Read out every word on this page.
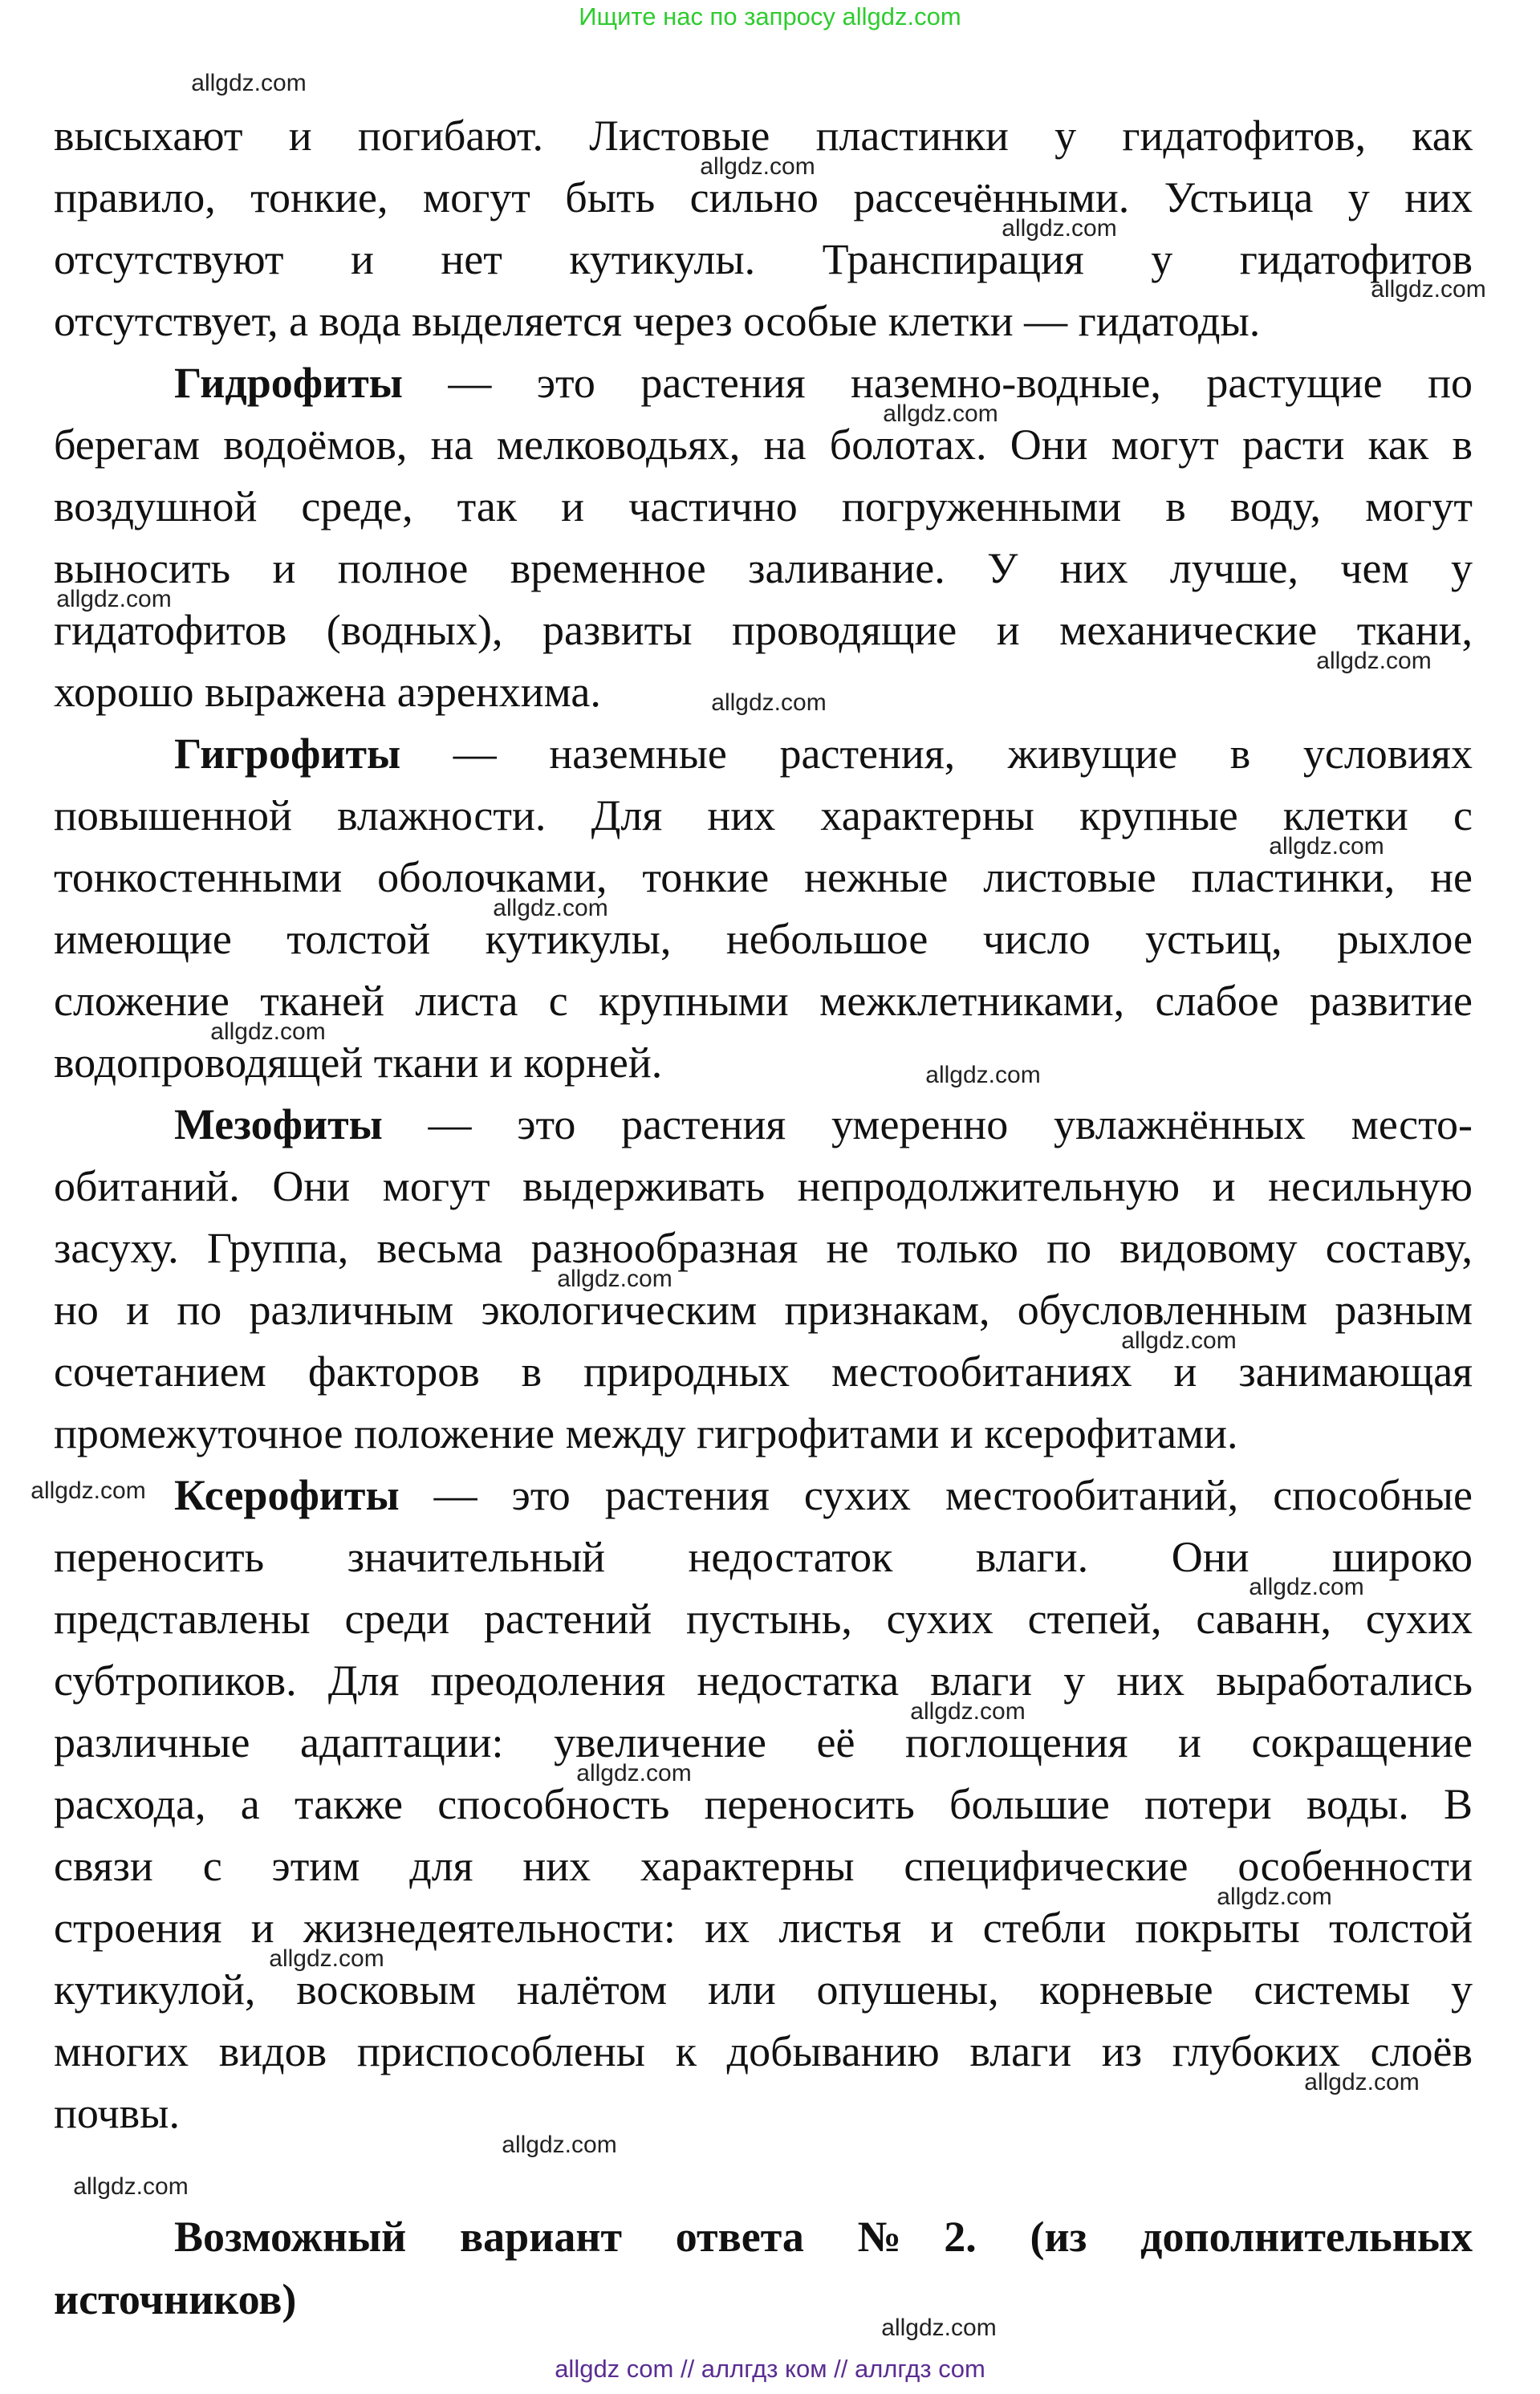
Ищите нас по запросу allgdz.com
высыхают и погибают. Листовые пластинки у гидатофитов, как
правило, тонкие, могут быть сильно рассечёнными. Устьица у них
отсутствуют и нет кутикулы. Транспирация у гидатофитов
отсутствует, а вода выделяется через особые клетки — гидатоды.
Гидрофиты — это растения наземно-водные, растущие по
берегам водоёмов, на мелководьях, на болотах. Они могут расти как в
воздушной среде, так и частично погруженными в воду, могут
выносить и полное временное заливание. У них лучше, чем у
гидатофитов (водных), развиты проводящие и механические ткани,
хорошо выражена аэренхима.
Гигрофиты — наземные растения, живущие в условиях
повышенной влажности. Для них характерны крупные клетки с
тонкостенными оболочками, тонкие нежные листовые пластинки, не
имеющие толстой кутикулы, небольшое число устьиц, рыхлое
сложение тканей листа с крупными межклетниками, слабое развитие
водопроводящей ткани и корней.
Мезофиты — это растения умеренно увлажнённых место-
обитаний. Они могут выдерживать непродолжительную и несильную
засуху. Группа, весьма разнообразная не только по видовому составу,
но и по различным экологическим признакам, обусловленным разным
сочетанием факторов в природных местообитаниях и занимающая
промежуточное положение между гигрофитами и ксерофитами.
Ксерофиты — это растения сухих местообитаний, способные
переносить значительный недостаток влаги. Они широко
представлены среди растений пустынь, сухих степей, саванн, сухих
субтропиков. Для преодоления недостатка влаги у них выработались
различные адаптации: увеличение её поглощения и сокращение
расхода, а также способность переносить большие потери воды. В
связи с этим для них характерны специфические особенности
строения и жизнедеятельности: их листья и стебли покрыты толстой
кутикулой, восковым налётом или опушены, корневые системы у
многих видов приспособлены к добыванию влаги из глубоких слоёв
почвы.
Возможный вариант ответа №2. (из дополнительных
источников)
allgdz.com
allgdz.com
allgdz.com
allgdz.com
allgdz.com
allgdz.com
allgdz.com
allgdz.com
allgdz.com
allgdz.com
allgdz.com
allgdz.com
allgdz.com
allgdz.com
allgdz.com
allgdz.com
allgdz.com
allgdz.com
allgdz.com
allgdz.com
allgdz.com
allgdz.com
allgdz.com
allgdz.com
allgdz com // аллгдз ком // аллгдз com
